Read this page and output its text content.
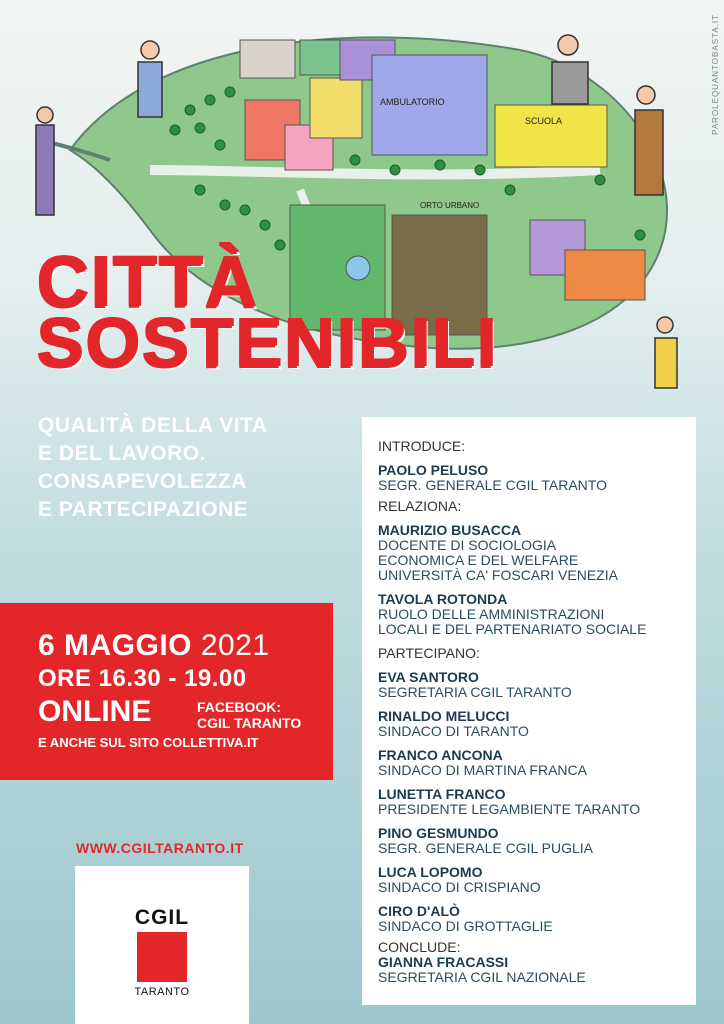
AMBULATORIO
SCUOLA
ORTO URBANO
PAROLEQUANTOBASTA.IT
CITTÀ
SOSTENIBILI
QUALITÀ DELLA VITA
E DEL LAVORO.
CONSAPEVOLEZZA
E PARTECIPAZIONE
6 MAGGIO 2021
ORE 16.30 - 19.00
ONLINE	FACEBOOK:
CGIL TARANTO
E ANCHE SUL SITO COLLETTIVA.IT
WWW.CGILTARANTO.IT
CGIL
TARANTO
INTRODUCE:
PAOLO PELUSO
SEGR. GENERALE CGIL TARANTO
RELAZIONA:
MAURIZIO BUSACCA
DOCENTE DI SOCIOLOGIA
ECONOMICA E DEL WELFARE
UNIVERSITÀ CA' FOSCARI VENEZIA
TAVOLA ROTONDA
RUOLO DELLE AMMINISTRAZIONI
LOCALI E DEL PARTENARIATO SOCIALE
PARTECIPANO:
EVA SANTORO
SEGRETARIA CGIL TARANTO
RINALDO MELUCCI
SINDACO DI TARANTO
FRANCO ANCONA
SINDACO DI MARTINA FRANCA
LUNETTA FRANCO
PRESIDENTE LEGAMBIENTE TARANTO
PINO GESMUNDO
SEGR. GENERALE CGIL PUGLIA
LUCA LOPOMO
SINDACO DI CRISPIANO
CIRO D'ALÒ
SINDACO DI GROTTAGLIE
CONCLUDE:
GIANNA FRACASSI
SEGRETARIA CGIL NAZIONALE
